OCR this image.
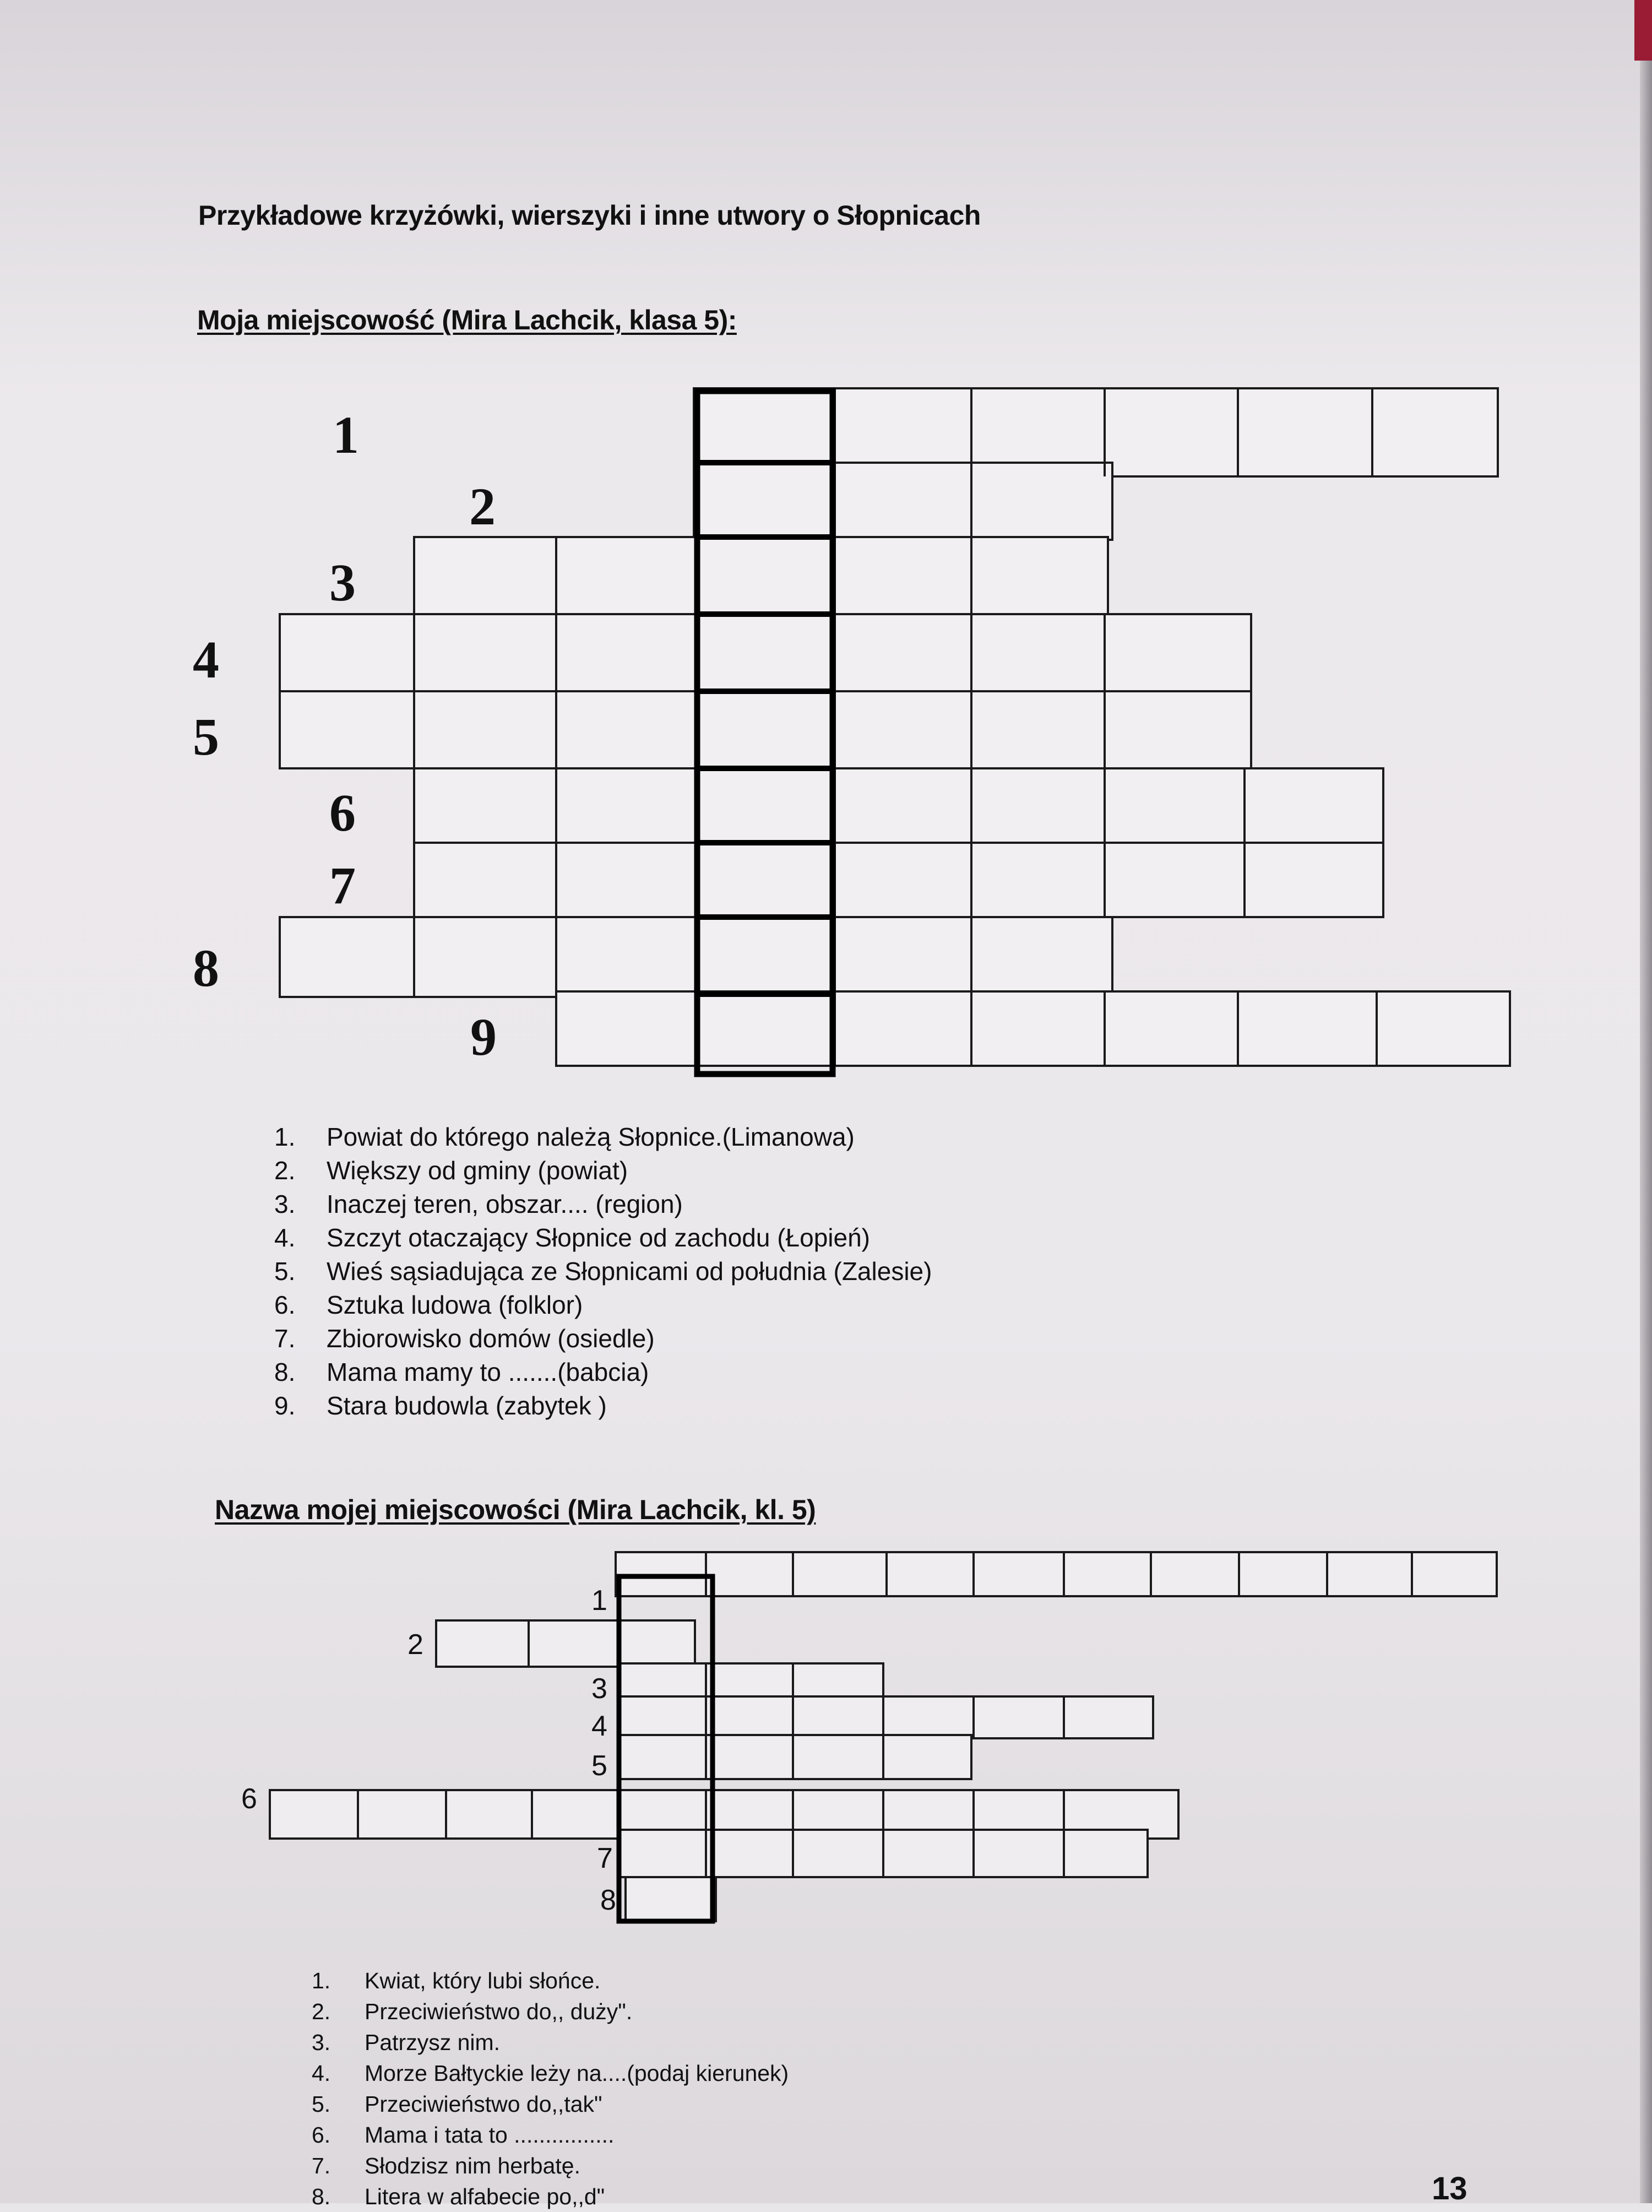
Przykładowe krzyżówki, wierszyki i inne utwory o Słopnicach
Moja miejscowość (Mira Lachcik, klasa 5):
1
2
3
4
5
6
7
8
9
1. Powiat do którego należą Słopnice.(Limanowa)
2. Większy od gminy (powiat)
3. Inaczej teren, obszar.... (region)
4. Szczyt otaczający Słopnice od zachodu (Łopień)
5. Wieś sąsiadująca ze Słopnicami od południa (Zalesie)
6. Sztuka ludowa (folklor)
7. Zbiorowisko domów (osiedle)
8. Mama mamy to .......(babcia)
9. Stara budowla (zabytek )
Nazwa mojej miejscowości (Mira Lachcik, kl. 5)
1
2
3
4
5
6
7
8
1. Kwiat, który lubi słońce.
2. Przeciwieństwo do,, duży".
3. Patrzysz nim.
4. Morze Bałtyckie leży na....(podaj kierunek)
5. Przeciwieństwo do,,tak"
6. Mama i tata to ................
7. Słodzisz nim herbatę.
8. Litera w alfabecie po,,d"	13
